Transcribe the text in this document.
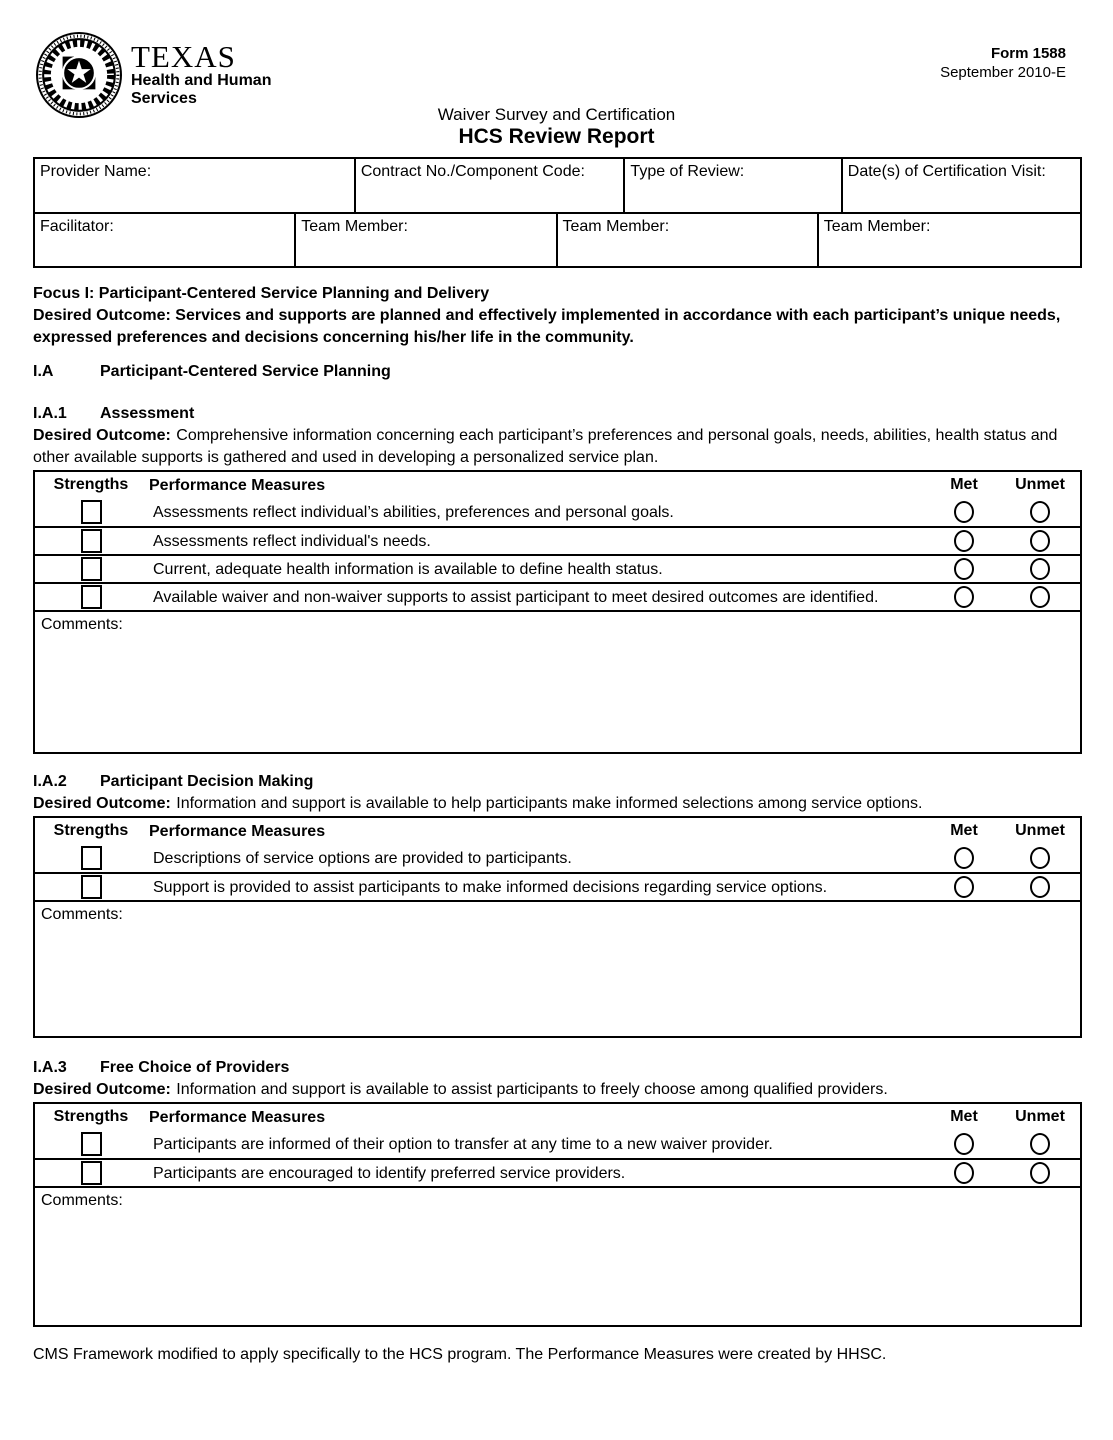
TEXAS
Health and Human
Services
Form 1588
September 2010-E
Waiver Survey and Certification
HCS Review Report
Provider Name:	Contract No./Component Code:	Type of Review:	Date(s) of Certification Visit:
Facilitator:	Team Member:	Team Member:	Team Member:
Focus I: Participant-Centered Service Planning and Delivery
Desired Outcome: Services and supports are planned and effectively implemented in accordance with each participant’s unique needs, expressed preferences and decisions concerning his/her life in the community.
I.A	Participant-Centered Service Planning
I.A.1	Assessment
Desired Outcome: Comprehensive information concerning each participant’s preferences and personal goals, needs, abilities, health status and other available supports is gathered and used in developing a personalized service plan.
Strengths	Performance Measures	Met	Unmet
Assessments reflect individual’s abilities, preferences and personal goals.
Assessments reflect individual's needs.
Current, adequate health information is available to define health status.
Available waiver and non-waiver supports to assist participant to meet desired outcomes are identified.
Comments:
I.A.2	Participant Decision Making
Desired Outcome: Information and support is available to help participants make informed selections among service options.
Strengths	Performance Measures	Met	Unmet
Descriptions of service options are provided to participants.
Support is provided to assist participants to make informed decisions regarding service options.
Comments:
I.A.3	Free Choice of Providers
Desired Outcome: Information and support is available to assist participants to freely choose among qualified providers.
Strengths	Performance Measures	Met	Unmet
Participants are informed of their option to transfer at any time to a new waiver provider.
Participants are encouraged to identify preferred service providers.
Comments:
CMS Framework modified to apply specifically to the HCS program. The Performance Measures were created by HHSC.
